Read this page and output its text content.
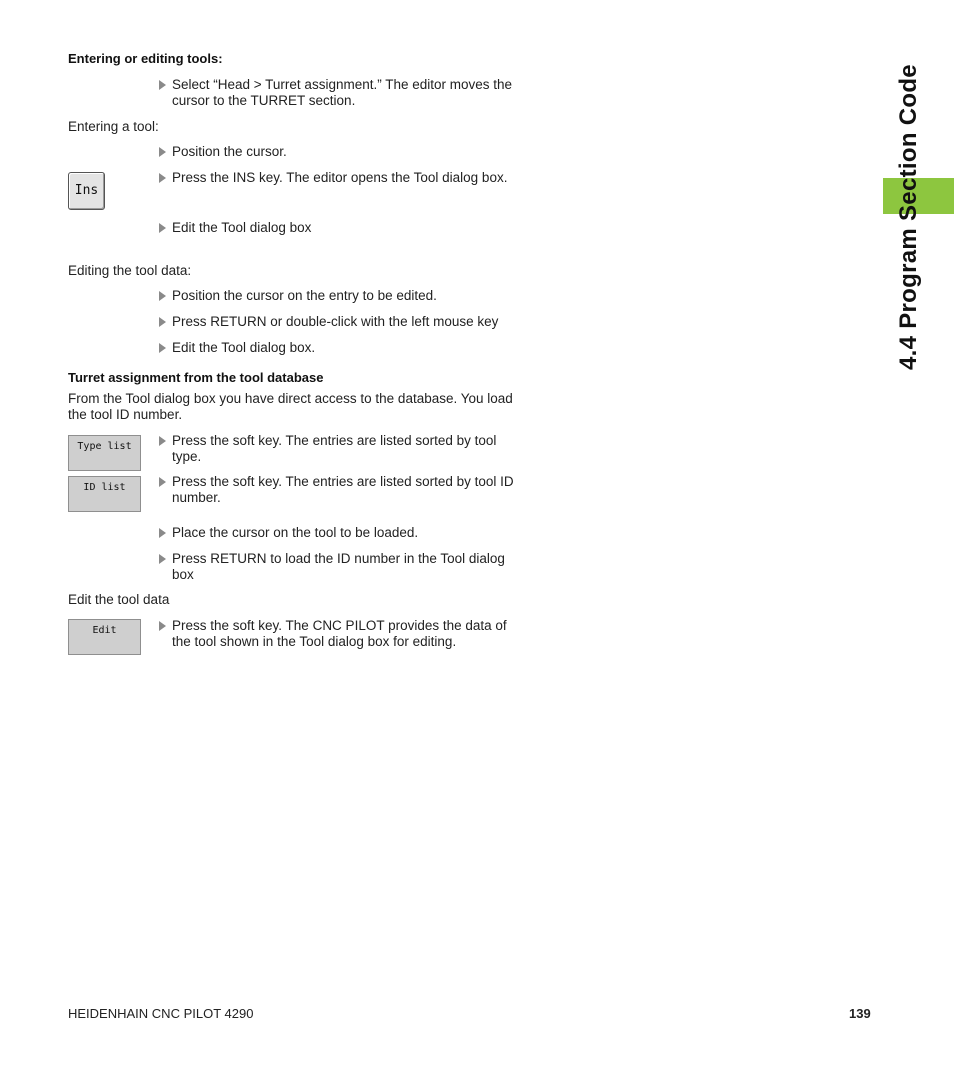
4.4 Program Section Code
Entering or editing tools:
Select “Head > Turret assignment.” The editor moves the cursor to the TURRET section.
Entering a tool:
Position the cursor.
Ins
Press the INS key. The editor opens the Tool dialog box.
Edit the Tool dialog box
Editing the tool data:
Position the cursor on the entry to be edited.
Press RETURN or double-click with the left mouse key
Edit the Tool dialog box.
Turret assignment from the tool database
From the Tool dialog box you have direct access to the database. You load the tool ID number.
Type list	Press the soft key. The entries are listed sorted by tool type.
ID list	Press the soft key. The entries are listed sorted by tool ID number.
Place the cursor on the tool to be loaded.
Press RETURN to load the ID number in the Tool dialog box
Edit the tool data
Edit	Press the soft key. The CNC PILOT provides the data of the tool shown in the Tool dialog box for editing.
HEIDENHAIN CNC PILOT 4290	139
